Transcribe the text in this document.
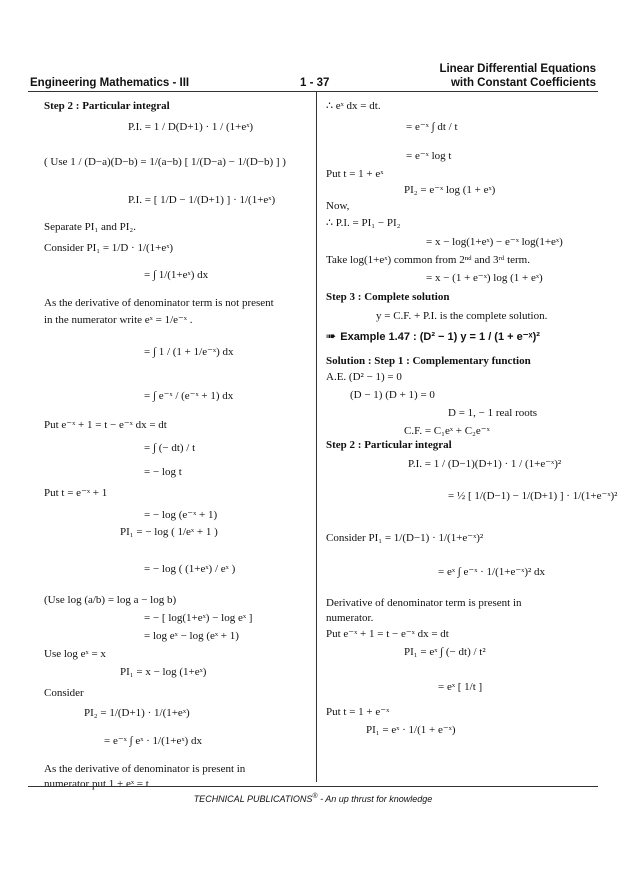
Engineering Mathematics - III	1 - 37
Linear Differential Equations
with Constant Coefficients
Step 2 : Particular integral
P.I. = 1 / D(D+1) · 1 / (1+eˣ)
( Use 1 / (D−a)(D−b) = 1/(a−b) [ 1/(D−a) − 1/(D−b) ] )
P.I. = [ 1/D − 1/(D+1) ] · 1/(1+eˣ)
Separate PI₁ and PI₂.
Consider PI₁ = 1/D · 1/(1+eˣ)
= ∫ 1/(1+eˣ) dx
As the derivative of denominator term is not present
in the numerator write eˣ = 1/e⁻ˣ .
= ∫ 1 / (1 + 1/e⁻ˣ) dx
= ∫ e⁻ˣ / (e⁻ˣ + 1) dx
Put e⁻ˣ + 1 = t − e⁻ˣ dx = dt
= ∫ (− dt) / t
= − log t
Put t = e⁻ˣ + 1
= − log (e⁻ˣ + 1)
PI₁ = − log ( 1/eˣ + 1 )
= − log ( (1+eˣ) / eˣ )
(Use log (a/b) = log a − log b)
= − [ log(1+eˣ) − log eˣ ]
= log eˣ − log (eˣ + 1)
Use log eˣ = x
PI₁ = x − log (1+eˣ)
Consider
PI₂ = 1/(D+1) · 1/(1+eˣ)
= e⁻ˣ ∫ eˣ · 1/(1+eˣ) dx
As the derivative of denominator is present in
numerator put 1 + eˣ = t
∴ eˣ dx = dt.
= e⁻ˣ ∫ dt / t
= e⁻ˣ log t
Put t = 1 + eˣ
PI₂ = e⁻ˣ log (1 + eˣ)
Now,
∴ P.I. = PI₁ − PI₂
= x − log(1+eˣ) − e⁻ˣ log(1+eˣ)
Take log(1+eˣ) common from 2ⁿᵈ and 3ʳᵈ term.
= x − (1 + e⁻ˣ) log (1 + eˣ)
Step 3 : Complete solution
y = C.F. + P.I. is the complete solution.
➠ Example 1.47 : (D² − 1) y = 1 / (1 + e⁻ˣ)²
Solution : Step 1 : Complementary function
A.E. (D² − 1) = 0
(D − 1) (D + 1) = 0
D = 1, − 1 real roots
C.F. = C₁eˣ + C₂e⁻ˣ
Step 2 : Particular integral
P.I. = 1 / (D−1)(D+1) · 1 / (1+e⁻ˣ)²
= ½ [ 1/(D−1) − 1/(D+1) ] · 1/(1+e⁻ˣ)²
Consider PI₁ = 1/(D−1) · 1/(1+e⁻ˣ)²
= eˣ ∫ e⁻ˣ · 1/(1+e⁻ˣ)² dx
Derivative of denominator term is present in
numerator.
Put e⁻ˣ + 1 = t − e⁻ˣ dx = dt
PI₁ = eˣ ∫ (− dt) / t²
= eˣ [ 1/t ]
Put t = 1 + e⁻ˣ
PI₁ = eˣ · 1/(1 + e⁻ˣ)
TECHNICAL PUBLICATIONS® - An up thrust for knowledge
